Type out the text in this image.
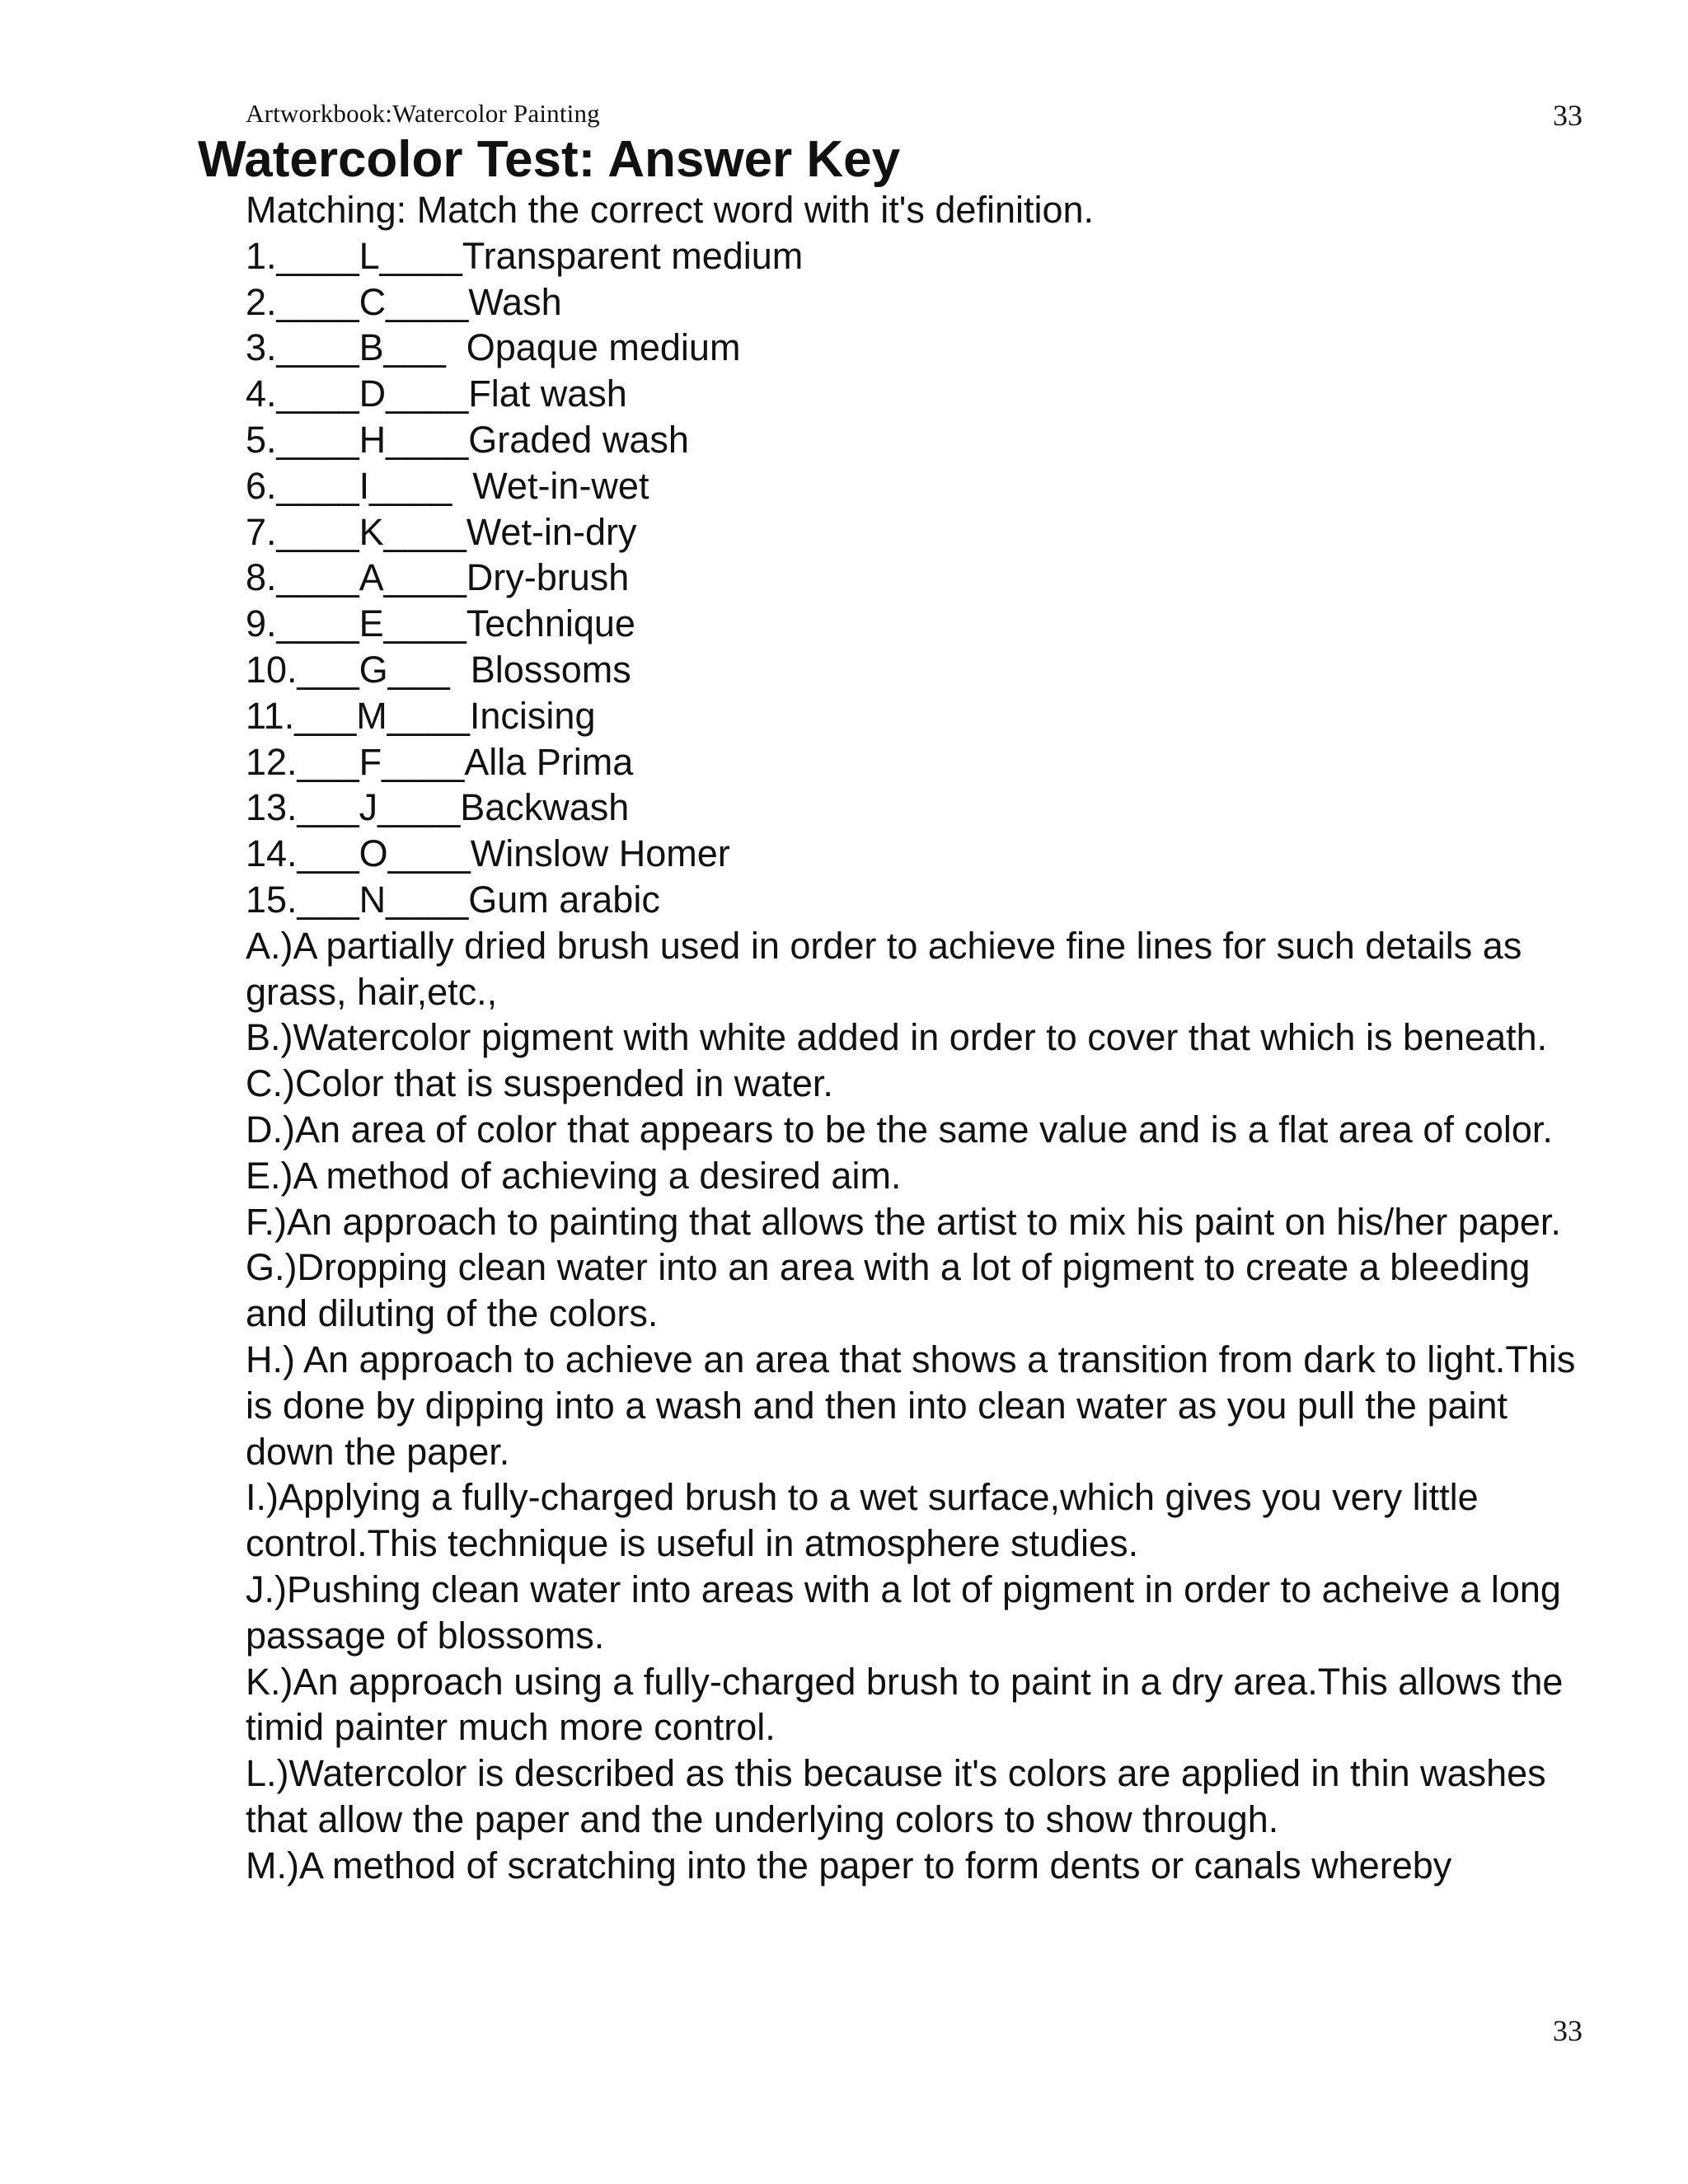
Artworkbook:Watercolor Painting	33
Watercolor Test: Answer Key
Matching: Match the correct word with it's definition.
1.____L____Transparent medium
2.____C____Wash
3.____B___  Opaque medium
4.____D____Flat wash
5.____H____Graded wash
6.____I____  Wet-in-wet
7.____K____Wet-in-dry
8.____A____Dry-brush
9.____E____Technique
10.___G___  Blossoms
11.___M____Incising
12.___F____Alla Prima
13.___J____Backwash
14.___O____Winslow Homer
15.___N____Gum arabic

A.)A partially dried brush used in order to achieve fine lines for such details as grass, hair,etc.,

B.)Watercolor pigment with white added in order to cover that which is beneath.

C.)Color that is suspended in water.

D.)An area of color that appears to be the same value and is a flat area of color.

E.)A method of achieving a desired aim.

F.)An approach to painting that allows the artist to mix his paint on his/her paper.

G.)Dropping clean water into an area with a lot of pigment to create a bleeding and diluting of the colors.

H.) An approach to achieve an area that shows a transition from dark to light.This is done by dipping into a wash and then into clean water as you pull the paint down the paper.

I.)Applying a fully-charged brush to a wet surface,which gives you very little control.This technique is useful in atmosphere studies.

J.)Pushing clean water into areas with a lot of pigment in order to acheive a long passage of blossoms.

K.)An approach using a fully-charged brush to paint in a dry area.This allows the timid painter much more control.

L.)Watercolor is described as this because it's colors are applied in thin washes that allow the paper and the underlying colors to show through.

M.)A method of scratching into the paper to form dents or canals whereby

33
